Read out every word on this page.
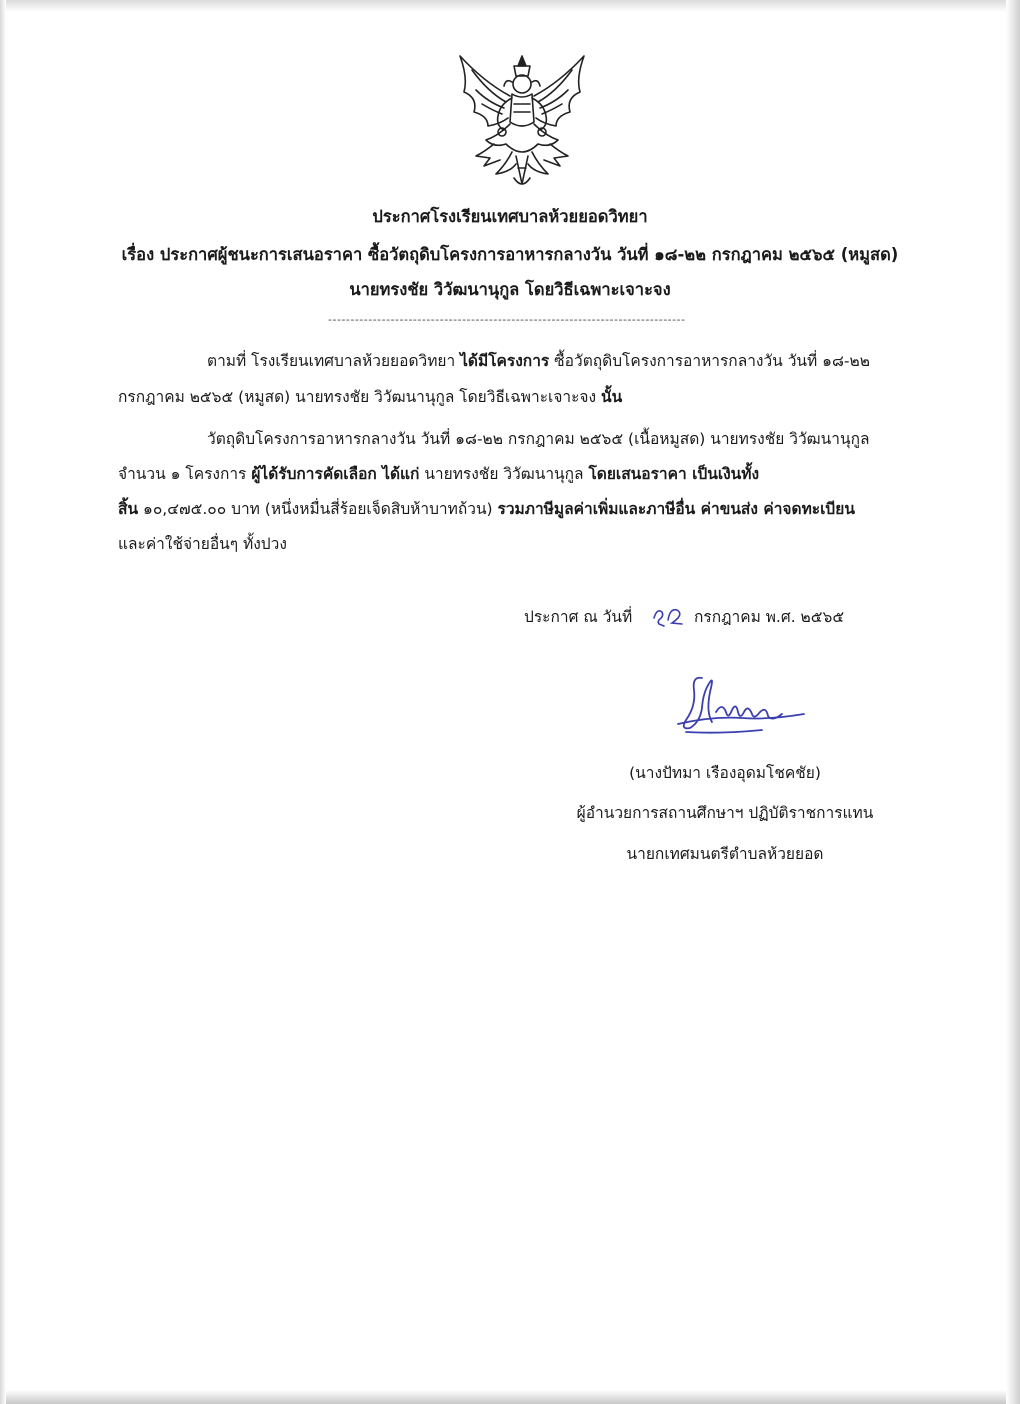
ประกาศโรงเรียนเทศบาลห้วยยอดวิทยา
เรื่อง ประกาศผู้ชนะการเสนอราคา ซื้อวัตถุดิบโครงการอาหารกลางวัน วันที่ ๑๘-๒๒ กรกฎาคม ๒๕๖๕ (หมูสด)
นายทรงชัย วิวัฒนานุกูล โดยวิธีเฉพาะเจาะจง
--------------------------------------------------------------------------------
ตามที่ โรงเรียนเทศบาลห้วยยอดวิทยา ได้มีโครงการ ซื้อวัตถุดิบโครงการอาหารกลางวัน วันที่ ๑๘-๒๒
กรกฎาคม ๒๕๖๕ (หมูสด) นายทรงชัย วิวัฒนานุกูล โดยวิธีเฉพาะเจาะจง นั้น
วัตถุดิบโครงการอาหารกลางวัน วันที่ ๑๘-๒๒ กรกฎาคม ๒๕๖๕ (เนื้อหมูสด) นายทรงชัย วิวัฒนานุกูล
จำนวน ๑ โครงการ ผู้ได้รับการคัดเลือก ได้แก่ นายทรงชัย วิวัฒนานุกูล โดยเสนอราคา เป็นเงินทั้ง
สิ้น ๑๐,๔๗๕.๐๐ บาท (หนึ่งหมื่นสี่ร้อยเจ็ดสิบห้าบาทถ้วน) รวมภาษีมูลค่าเพิ่มและภาษีอื่น ค่าขนส่ง ค่าจดทะเบียน
และค่าใช้จ่ายอื่นๆ ทั้งปวง
ประกาศ ณ วันที่	กรกฎาคม พ.ศ. ๒๕๖๕
(นางปัทมา เรืองอุดมโชคชัย)
ผู้อำนวยการสถานศึกษาฯ ปฏิบัติราชการแทน
นายกเทศมนตรีตำบลห้วยยอด
